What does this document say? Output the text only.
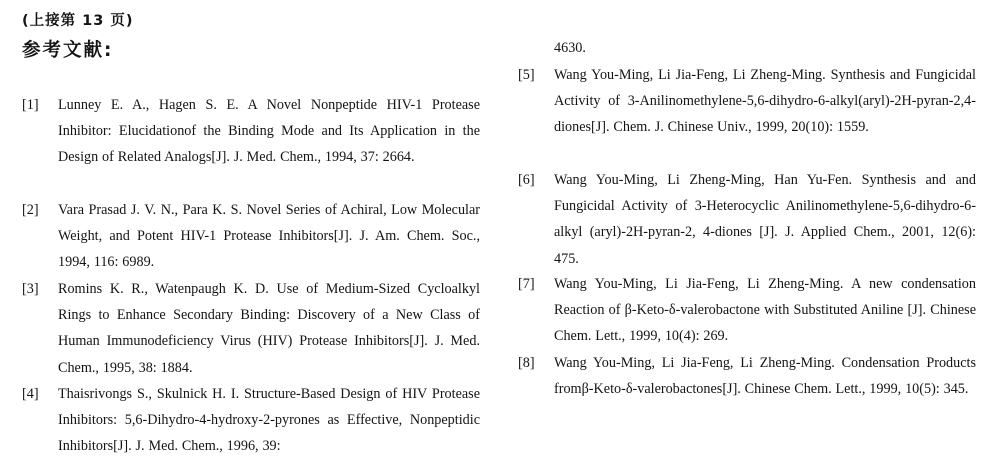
(上接第 13 页)
参考文献:
[1] Lunney E. A., Hagen S. E. A Novel Nonpeptide HIV-1 Protease Inhibitor: Elucidationof the Binding Mode and Its Application in the Design of Related Analogs[J]. J. Med. Chem., 1994, 37: 2664.
[2] Vara Prasad J. V. N., Para K. S. Novel Series of Achiral, Low Molecular Weight, and Potent HIV-1 Protease Inhibitors[J]. J. Am. Chem. Soc., 1994, 116: 6989.
[3] Romins K. R., Watenpaugh K. D. Use of Medium-Sized Cycloalkyl Rings to Enhance Secondary Binding: Discovery of a New Class of Human Immunodeficiency Virus (HIV) Protease Inhibitors[J]. J. Med. Chem., 1995, 38: 1884.
[4] Thaisrivongs S., Skulnick H. I. Structure-Based Design of HIV Protease Inhibitors: 5,6-Dihydro-4-hydroxy-2-pyrones as Effective, Nonpeptidic Inhibitors[J]. J. Med. Chem., 1996, 39:
4630.
[5] Wang You-Ming, Li Jia-Feng, Li Zheng-Ming. Synthesis and Fungicidal Activity of 3-Anilinomethylene-5,6-dihydro-6-alkyl(aryl)-2H-pyran-2,4-diones[J]. Chem. J. Chinese Univ., 1999, 20(10): 1559.
[6] Wang You-Ming, Li Zheng-Ming, Han Yu-Fen. Synthesis and and Fungicidal Activity of 3-Heterocyclic Anilinomethylene-5,6-dihydro-6-alkyl (aryl)-2H-pyran-2, 4-diones [J]. J. Applied Chem., 2001, 12(6): 475.
[7] Wang You-Ming, Li Jia-Feng, Li Zheng-Ming. A new condensation Reaction of β-Keto-δ-valerobactone with Substituted Aniline [J]. Chinese Chem. Lett., 1999, 10(4): 269.
[8] Wang You-Ming, Li Jia-Feng, Li Zheng-Ming. Condensation Products fromβ-Keto-δ-valerobactones[J]. Chinese Chem. Lett., 1999, 10(5): 345.
